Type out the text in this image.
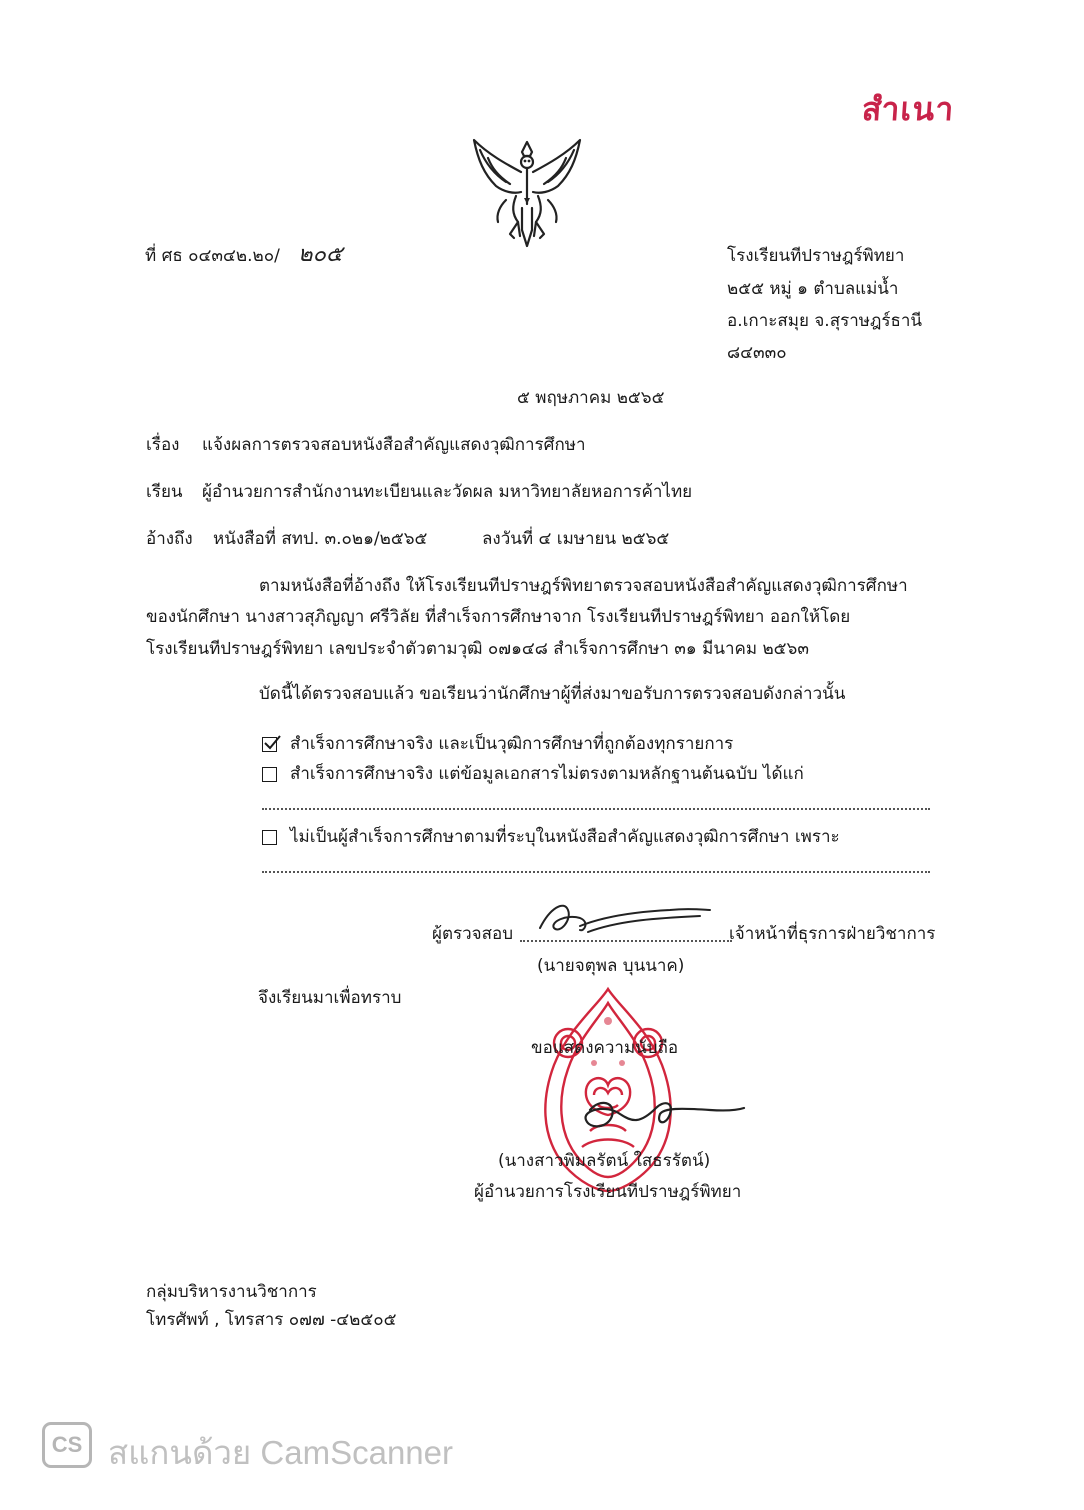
สำเนา
ที่ ศธ ๐๔๓๔๒.๒๐/ ๒๐๕	โรงเรียนทีปราษฎร์พิทยา
๒๕๕ หมู่ ๑ ตำบลแม่น้ำ
อ.เกาะสมุย จ.สุราษฎร์ธานี
๘๔๓๓๐
๕ พฤษภาคม ๒๕๖๕
เรื่อง แจ้งผลการตรวจสอบหนังสือสำคัญแสดงวุฒิการศึกษา
เรียน ผู้อำนวยการสำนักงานทะเบียนและวัดผล มหาวิทยาลัยหอการค้าไทย
อ้างถึง หนังสือที่ สทป. ๓.๐๒๑/๒๕๖๕	ลงวันที่ ๔ เมษายน ๒๕๖๕
ตามหนังสือที่อ้างถึง ให้โรงเรียนทีปราษฎร์พิทยาตรวจสอบหนังสือสำคัญแสดงวุฒิการศึกษา
ของนักศึกษา นางสาวสุภิญญา ศรีวิลัย ที่สำเร็จการศึกษาจาก โรงเรียนทีปราษฎร์พิทยา ออกให้โดย
โรงเรียนทีปราษฎร์พิทยา เลขประจำตัวตามวุฒิ ๐๗๑๔๘ สำเร็จการศึกษา ๓๑ มีนาคม ๒๕๖๓
บัดนี้ได้ตรวจสอบแล้ว ขอเรียนว่านักศึกษาผู้ที่ส่งมาขอรับการตรวจสอบดังกล่าวนั้น
สำเร็จการศึกษาจริง และเป็นวุฒิการศึกษาที่ถูกต้องทุกรายการ
สำเร็จการศึกษาจริง แต่ข้อมูลเอกสารไม่ตรงตามหลักฐานต้นฉบับ ได้แก่
ไม่เป็นผู้สำเร็จการศึกษาตามที่ระบุในหนังสือสำคัญแสดงวุฒิการศึกษา เพราะ
ผู้ตรวจสอบ	เจ้าหน้าที่ธุรการฝ่ายวิชาการ
(นายจตุพล บุนนาค)
จึงเรียนมาเพื่อทราบ
ขอแสดงความนับถือ
(นางสาวพิมลรัตน์ ใสธรรัตน์)
ผู้อำนวยการโรงเรียนทีปราษฎร์พิทยา
กลุ่มบริหารงานวิชาการ
โทรศัพท์ , โทรสาร ๐๗๗ -๔๒๕๐๕
CS สแกนด้วย CamScanner
